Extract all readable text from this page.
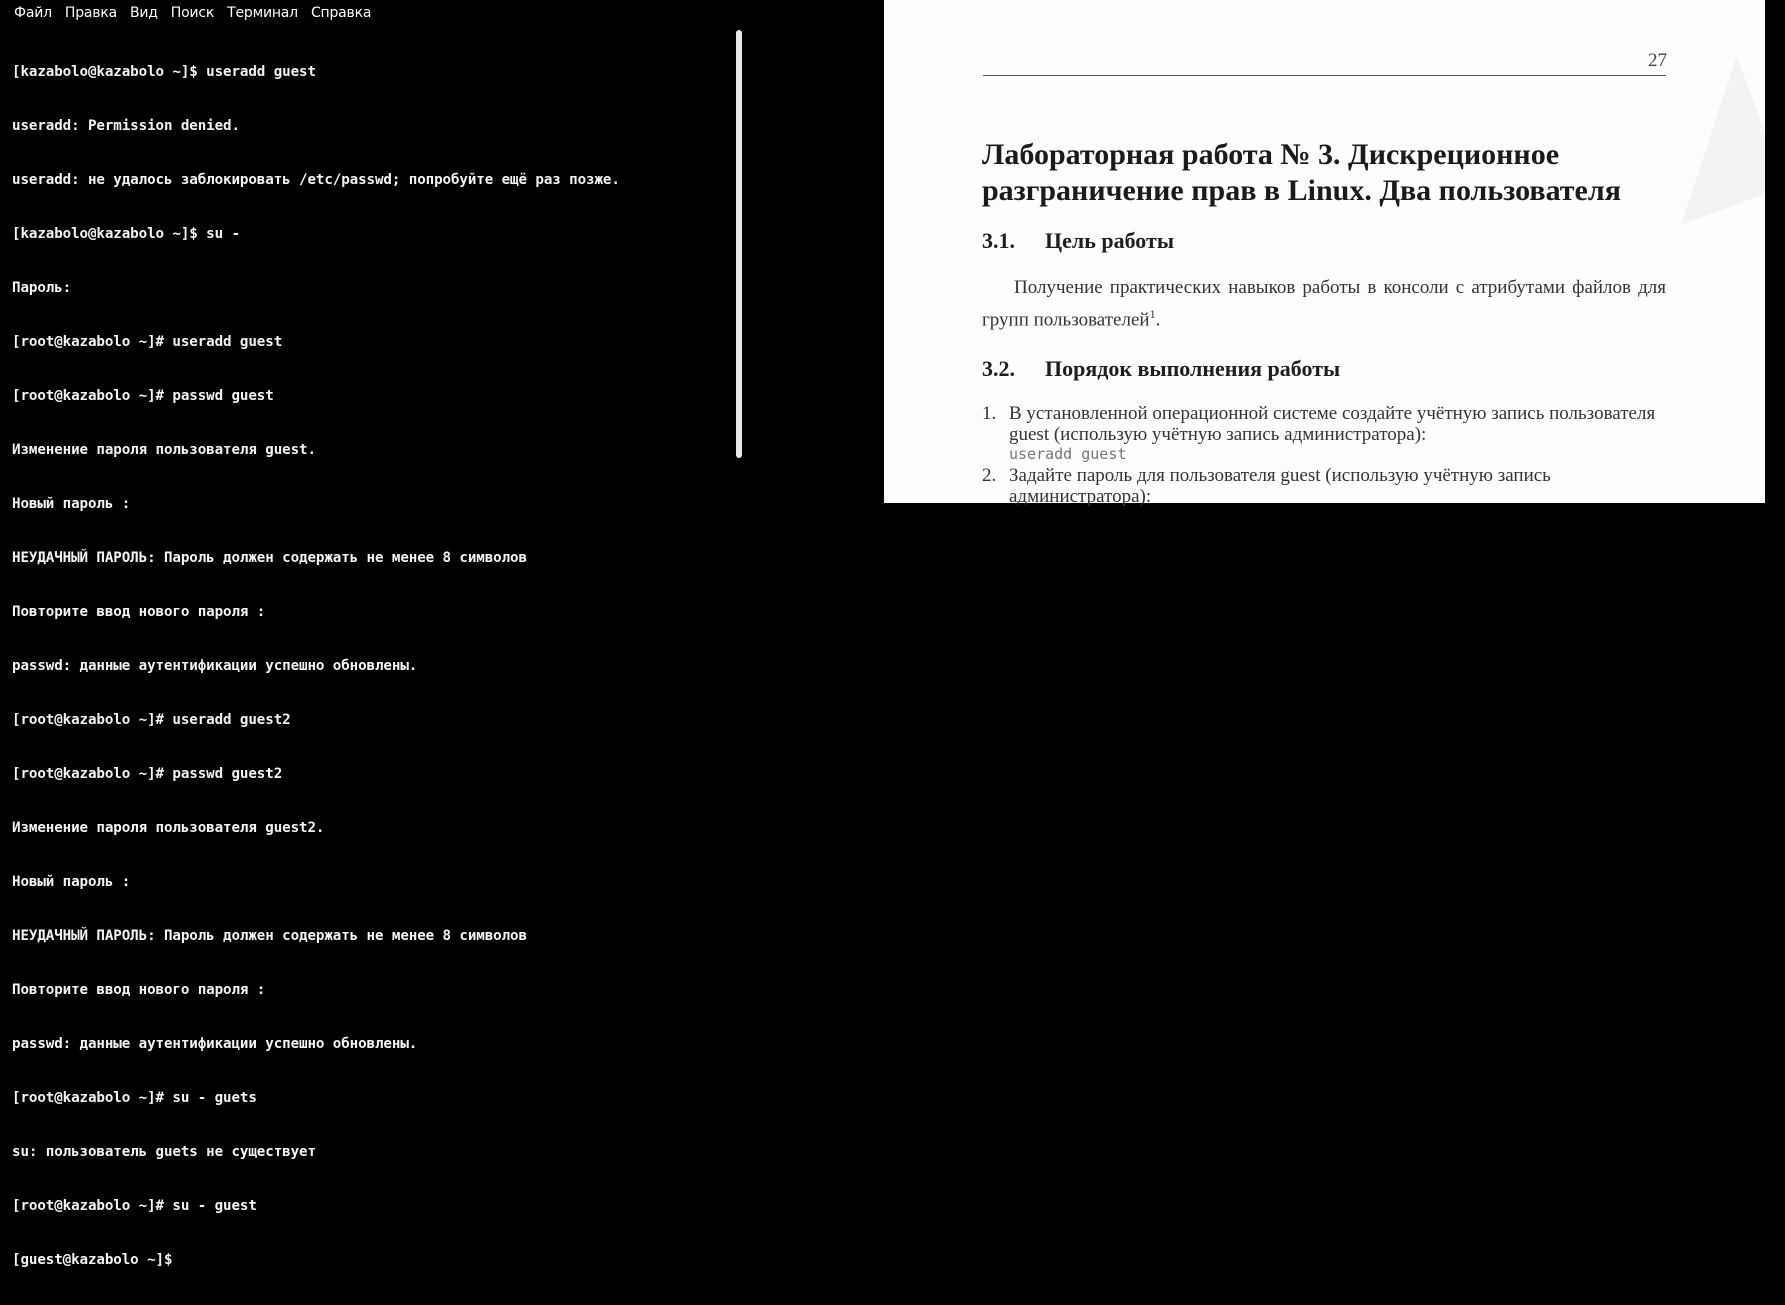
Файл Правка Вид Поиск Терминал Справка

[kazabolo@kazabolo ~]$ useradd guest

useradd: Permission denied.

useradd: не удалось заблокировать /etc/passwd; попробуйте ещё раз позже.

[kazabolo@kazabolo ~]$ su -

Пароль:

[root@kazabolo ~]# useradd guest

[root@kazabolo ~]# passwd guest

Изменение пароля пользователя guest.

Новый пароль :

НЕУДАЧНЫЙ ПАРОЛЬ: Пароль должен содержать не менее 8 символов

Повторите ввод нового пароля :

passwd: данные аутентификации успешно обновлены.

[root@kazabolo ~]# useradd guest2

[root@kazabolo ~]# passwd guest2

Изменение пароля пользователя guest2.

Новый пароль :

НЕУДАЧНЫЙ ПАРОЛЬ: Пароль должен содержать не менее 8 символов

Повторите ввод нового пароля :

passwd: данные аутентификации успешно обновлены.

[root@kazabolo ~]# su - guets

su: пользователь guets не существует

[root@kazabolo ~]# su - guest

[guest@kazabolo ~]$

27
Лабораторная работа № 3. Дискреционное разграничение прав в Linux. Два пользователя
3.1. Цель работы

Получение практических навыков работы в консоли с атрибутами файлов для групп пользователей$^1$.

3.2. Порядок выполнения работы
1. В установленной операционной системе создайте учётную запись пользователя guest (использую учётную запись администратора):
useradd guest
2. Задайте пароль для пользователя guest (использую учётную запись администратора):
